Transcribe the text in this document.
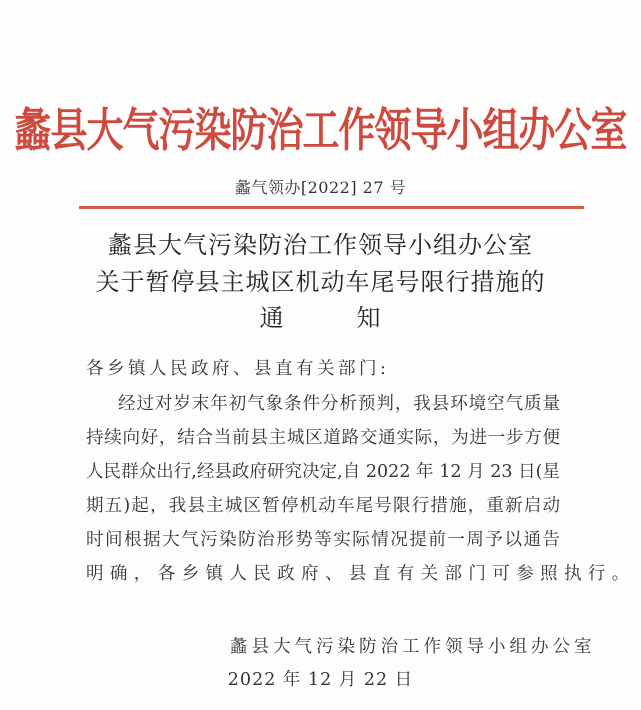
蠡县大气污染防治工作领导小组办公室
蠡气领办[2022] 27 号
蠡县大气污染防治工作领导小组办公室
关于暂停县主城区机动车尾号限行措施的
通	知
各乡镇人民政府、县直有关部门:
经过对岁末年初气象条件分析预判，我县环境空气质量
持续向好，结合当前县主城区道路交通实际，为进一步方便
人民群众出行,经县政府研究决定,自 2022 年 12 月 23 日(星
期五)起，我县主城区暂停机动车尾号限行措施，重新启动
时间根据大气污染防治形势等实际情况提前一周予以通告
明确，各乡镇人民政府、县直有关部门可参照执行。
蠡县大气污染防治工作领导小组办公室
2022 年 12 月 22 日
